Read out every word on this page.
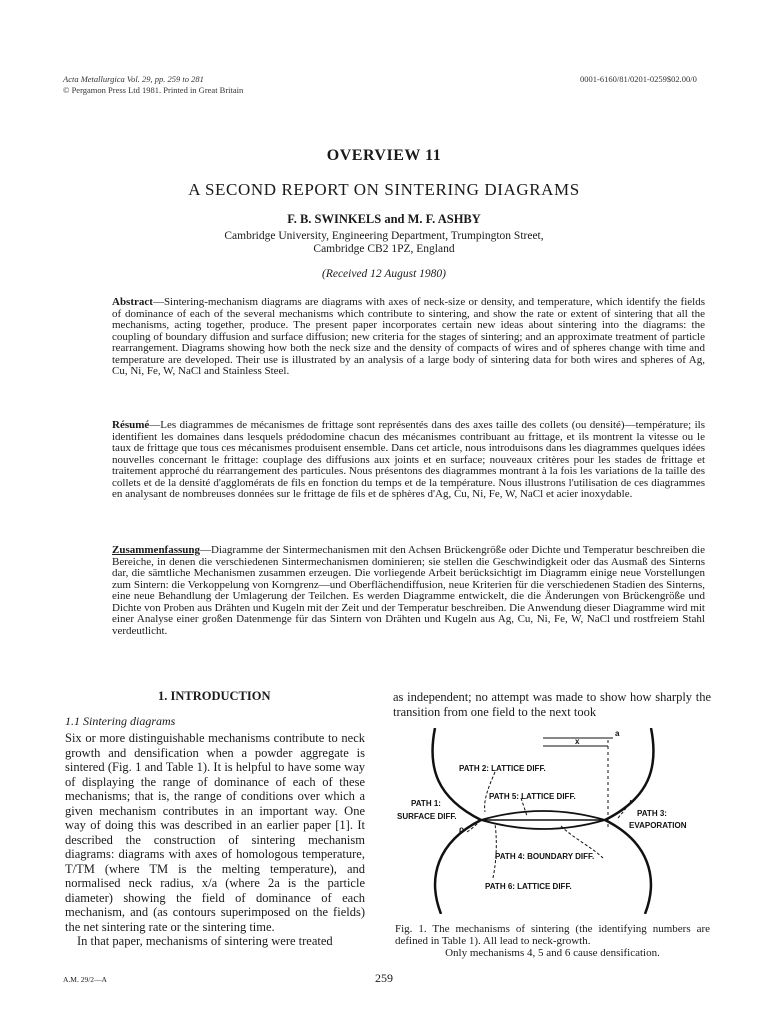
Acta Metallurgica Vol. 29, pp. 259 to 281
© Pergamon Press Ltd 1981. Printed in Great Britain
0001-6160/81/0201-0259$02.00/0
OVERVIEW 11
A SECOND REPORT ON SINTERING DIAGRAMS
F. B. SWINKELS and M. F. ASHBY
Cambridge University, Engineering Department, Trumpington Street,
Cambridge CB2 1PZ, England
(Received 12 August 1980)
Abstract—Sintering-mechanism diagrams are diagrams with axes of neck-size or density, and temperature, which identify the fields of dominance of each of the several mechanisms which contribute to sintering, and show the rate or extent of sintering that all the mechanisms, acting together, produce. The present paper incorporates certain new ideas about sintering into the diagrams: the coupling of boundary diffusion and surface diffusion; new criteria for the stages of sintering; and an approximate treatment of particle rearrangement. Diagrams showing how both the neck size and the density of compacts of wires and of spheres change with time and temperature are developed. Their use is illustrated by an analysis of a large body of sintering data for both wires and spheres of Ag, Cu, Ni, Fe, W, NaCl and Stainless Steel.
Résumé—Les diagrammes de mécanismes de frittage sont représentés dans des axes taille des collets (ou densité)—température; ils identifient les domaines dans lesquels prédodomine chacun des mécanismes contribuant au frittage, et ils montrent la vitesse ou le taux de frittage que tous ces mécanismes produisent ensemble. Dans cet article, nous introduisons dans les diagrammes quelques idées nouvelles concernant le frittage: couplage des diffusions aux joints et en surface; nouveaux critères pour les stades de frittage et traitement approché du réarrangement des particules. Nous présentons des diagrammes montrant à la fois les variations de la taille des collets et de la densité d'agglomérats de fils en fonction du temps et de la température. Nous illustrons l'utilisation de ces diagrammes en analysant de nombreuses données sur le frittage de fils et de sphères d'Ag, Cu, Ni, Fe, W, NaCl et acier inoxydable.
Zusammenfassung—Diagramme der Sintermechanismen mit den Achsen Brückengröße oder Dichte und Temperatur beschreiben die Bereiche, in denen die verschiedenen Sintermechanismen dominieren; sie stellen die Geschwindigkeit oder das Ausmaß des Sinterns dar, die sämtliche Mechanismen zusammen erzeugen. Die vorliegende Arbeit berücksichtigt im Diagramm einige neue Vorstellungen zum Sintern: die Verkoppelung von Korngrenz—und Oberflächendiffusion, neue Kriterien für die verschiedenen Stadien des Sinterns, eine neue Behandlung der Umlagerung der Teilchen. Es werden Diagramme entwickelt, die die Änderungen von Brückengröße und Dichte von Proben aus Drähten und Kugeln mit der Zeit und der Temperatur beschreiben. Die Anwendung dieser Diagramme wird mit einer Analyse einer großen Datenmenge für das Sintern von Drähten und Kugeln aus Ag, Cu, Ni, Fe, W, NaCl und rostfreiem Stahl verdeutlicht.
1. INTRODUCTION
1.1 Sintering diagrams

Six or more distinguishable mechanisms contribute to neck growth and densification when a powder aggregate is sintered (Fig. 1 and Table 1). It is helpful to have some way of displaying the range of dominance of each of these mechanisms; that is, the range of conditions over which a given mechanism contributes in an important way. One way of doing this was described in an earlier paper [1]. It described the construction of sintering mechanism diagrams: diagrams with axes of homologous temperature, T/TM (where TM is the melting temperature), and normalised neck radius, x/a (where 2a is the particle diameter) showing the field of dominance of each mechanism, and (as contours superimposed on the fields) the net sintering rate or the sintering time.

In that paper, mechanisms of sintering were treated

as independent; no attempt was made to show how sharply the transition from one field to the next took
a
x
PATH 2: LATTICE DIFF.
PATH 5: LATTICE DIFF.
PATH 1:
SURFACE DIFF.
ρ
PATH 3:
EVAPORATION
PATH 4: BOUNDARY DIFF.
PATH 6: LATTICE DIFF.
Fig. 1. The mechanisms of sintering (the identifying numbers are defined in Table 1). All lead to neck-growth.
Only mechanisms 4, 5 and 6 cause densification.
A.M. 29/2—A	259
